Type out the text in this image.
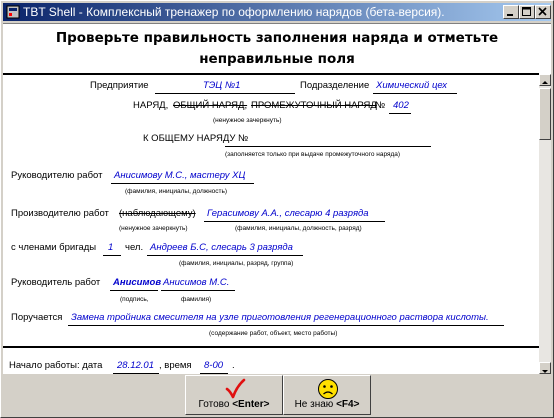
TBT Shell - Комплексный тренажер по оформлению нарядов (бета-версия).
Проверьте правильность заполнения наряда и отметьте
неправильные поля
Предприятие	ТЭЦ №1	Подразделение Химический цех
НАРЯД, ОБЩИЙ НАРЯД, ПРОМЕЖУТОЧНЫЙ НАРЯД
№ 402
(ненужное зачеркнуть)
К ОБЩЕМУ НАРЯДУ №
(заполняется только при выдаче промежуточного наряда)
Руководителю работ Анисимову М.С., мастеру ХЦ
(фамилия, инициалы, должность)
Производителю работ (наблюдающему) Герасимову А.А., слесарю 4 разряда
(ненужное зачеркнуть)	(фамилия, инициалы, должность, разряд)
с членами бригады 1 чел. Андреев Б.С, слесарь 3 разряда
(фамилия, инициалы, разряд, группа)
Руководитель работ Анисимов Анисимов М.С.
(подпись,	фамилия)
Поручается Замена тройника смесителя на узле приготовления регенерационного раствора кислоты.
(содержание работ, объект, место работы)
Начало работы: дата 28.12.01 , время 8-00 .
Готово <Enter>	Не знаю <F4>
